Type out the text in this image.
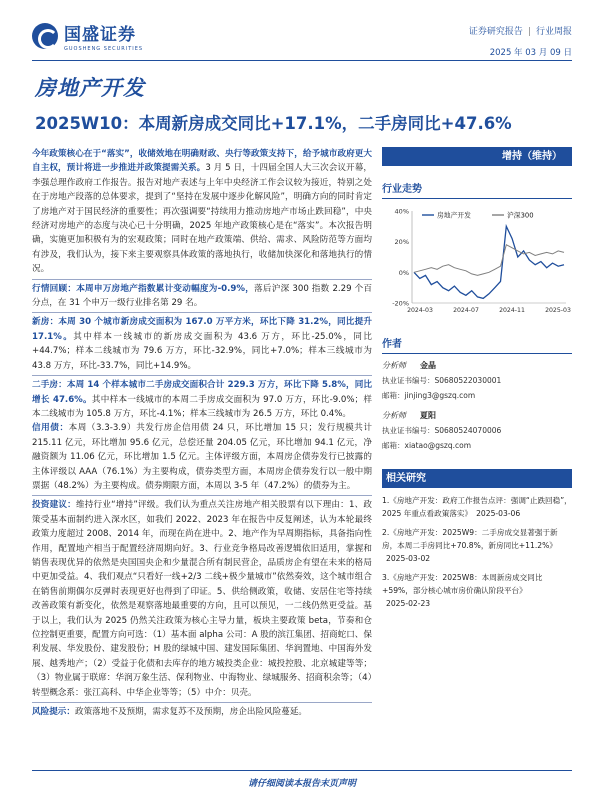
国盛证券
GUOSHENG SECURITIES
证券研究报告 | 行业周报
2025 年 03 月 09 日
房地产开发
2025W10：本周新房成交同比+17.1%，二手房同比+47.6%

今年政策核心在于“落实”，收储效地在明确财政、央行等政策支持下，给予城市政府更大自主权，预计将进一步推进并政策提需关系。3 月 5 日，十四届全国人大三次会议开幕，李强总理作政府工作报告。报告对地产表述与上年中央经济工作会议较为接近，特别之处在于房地产段落的总体要求，提到了“坚持在发展中逐步化解风险”，明确方向的同时肯定了房地产对于国民经济的重要性；再次强调要“持续用力推动房地产市场止跌回稳”，中央经济对房地产的态度与决心已十分明确，2025 年地产政策核心是在“落实”。本次报告明确，实施更加积极有为的宏观政策；同时在地产政策端、供给、需求、风险防范等方面均有涉及，我们认为，接下来主要观察具体政策的落地执行，收储加快深化和落地执行的情况。

行情回顾：本周申万房地产指数累计变动幅度为-0.9%，落后沪深 300 指数 2.29 个百分点，在 31 个申万一级行业排名第 29 名。

新房：本周 30 个城市新房成交面积为 167.0 万平方米，环比下降 31.2%，同比提升 17.1%。其中样本一线城市的新房成交面积为 43.6 万方，环比-25.0%，同比+44.7%；样本二线城市为 79.6 万方，环比-32.9%，同比+7.0%；样本三线城市为 43.8 万方，环比-33.7%，同比+14.9%。

二手房：本周 14 个样本城市二手房成交面积合计 229.3 万方，环比下降 5.8%，同比增长 47.6%。其中样本一线城市的本周二手房成交面积为 97.0 万方，环比-9.0%；样本二线城市为 105.8 万方，环比-4.1%；样本三线城市为 26.5 万方，环比 0.4%。

信用债：本周（3.3-3.9）共发行房企信用债 24 只，环比增加 15 只；发行规模共计 215.11 亿元，环比增加 95.6 亿元，总偿还量 204.05 亿元，环比增加 94.1 亿元，净融资额为 11.06 亿元，环比增加 1.5 亿元。主体评级方面，本周房企债券发行已披露的主体评级以 AAA（76.1%）为主要构成，债券类型方面，本周房企债券发行以一般中期票据（48.2%）为主要构成。债券期限方面，本周以 3-5 年（47.2%）的债券为主。

投资建议：维持行业“增持”评级。我们认为重点关注房地产相关股票有以下理由：1、政策受基本面制约进入深水区，如我们 2022、2023 年在报告中反复阐述，认为本轮最终政策力度超过 2008、2014 年，而现在尚在进中。2、地产作为早周期指标，具备指向性作用，配置地产相当于配置经济周期向好。3、行业竞争格局改善逻辑依旧适用，掌握和销售表现优异的依然是央国国央企和少量混合所有制民营企，品质房企有望在未来的格局中更加受益。4、我们观点“只看好一线+2/3 二线+极少量城市”依然奏效，这个城市组合在销售前期偶尔反弹时表现更好也得到了印证。5、供给侧政策，收储、安居住宅等持续改善政策有新变化，依然是观察落地最重要的方向，且可以预见，一二线仍然更受益。基于以上，我们认为 2025 仍然关注政策为核心主导力量，板块主要政策 beta，节奏和仓位控制更重要，配置方向可选：（1）基本面 alpha 公司：A 股的滨江集团、招商蛇口、保利发展、华发股份、建发股份；H 股的绿城中国、建发国际集团、华润置地、中国海外发展、越秀地产；（2）受益于化债和去库存的地方城投类企业：城投控股、北京城建等等；（3）物业属于联席：华润万象生活、保利物业、中海物业、绿城服务、招商积余等；（4）转型概念系：张江高科、中华企业等等；（5）中介：贝壳。

风险提示：政策落地不及预期，需求复苏不及预期，房企出险风险蔓延。

增持（维持）
行业走势
40%
20%
0%
-20%
2024-03	2024-07	2024-11	2025-03
房地产开发	沪深300
作者
分析师 金晶
执业证书编号：S0680522030001
邮箱：jinjing3@gszq.com
分析师 夏阳
执业证书编号：S0680524070006
邮箱：xiatao@gszq.com
相关研究
1.《房地产开发：政府工作报告点评：强调“止跌回稳”，2025 年重点看政策落实》 2025-03-06
2.《房地产开发：2025W9：二手房成交显著强于新房，本周二手房同比+70.8%，新房同比+11.2%》2025-03-02
3.《房地产开发：2025W8：本周新房成交同比+59%，部分核心城市房价确认阶段平台》2025-02-23
请仔细阅读本报告末页声明
